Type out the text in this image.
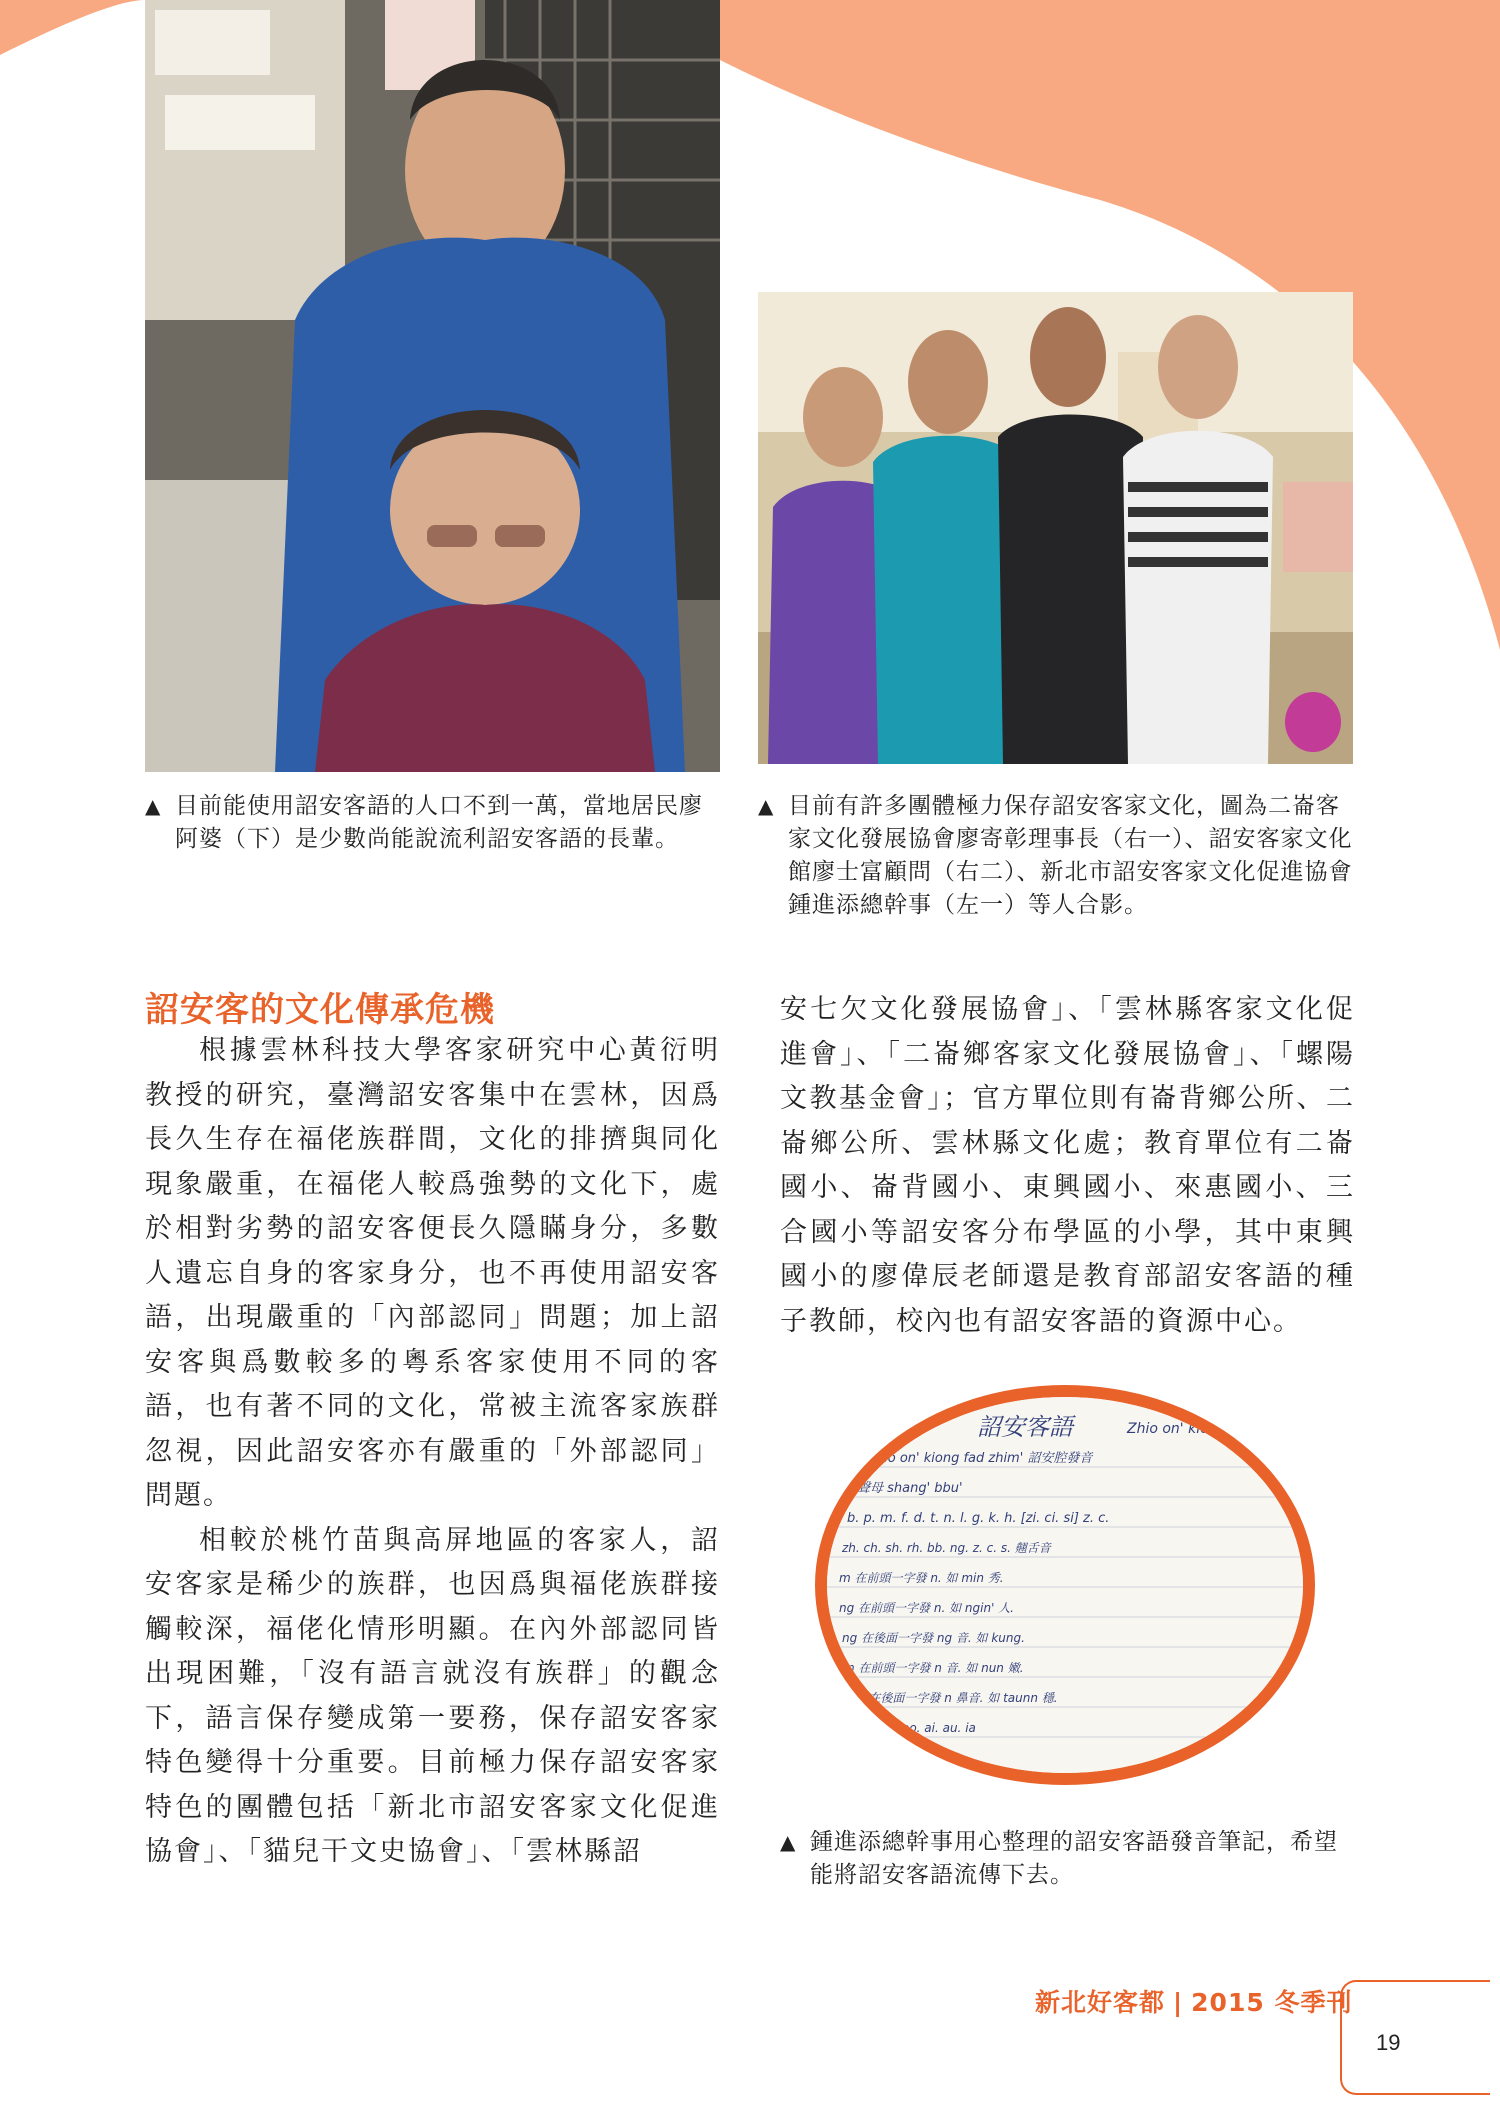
▲ 目前能使用詔安客語的人口不到一萬，當地居民廖阿婆（下）是少數尚能說流利詔安客語的長輩。
▲ 目前有許多團體極力保存詔安客家文化，圖為二崙客家文化發展協會廖寄彰理事長（右一）、詔安客家文化館廖士富顧問（右二）、新北市詔安客家文化促進協會鍾進添總幹事（左一）等人合影。
詔安客的文化傳承危機

根據雲林科技大學客家研究中心黃衍明教授的研究，臺灣詔安客集中在雲林，因爲長久生存在福佬族群間，文化的排擠與同化現象嚴重，在福佬人較爲強勢的文化下，處於相對劣勢的詔安客便長久隱瞞身分，多數人遺忘自身的客家身分，也不再使用詔安客語，出現嚴重的「內部認同」問題；加上詔安客與爲數較多的粵系客家使用不同的客語，也有著不同的文化，常被主流客家族群忽視，因此詔安客亦有嚴重的「外部認同」問題。

相較於桃竹苗與高屏地區的客家人，詔安客家是稀少的族群，也因爲與福佬族群接觸較深，福佬化情形明顯。在內外部認同皆出現困難，「沒有語言就沒有族群」的觀念下，語言保存變成第一要務，保存詔安客家特色變得十分重要。目前極力保存詔安客家特色的團體包括「新北市詔安客家文化促進協會」、「貓兒干文史協會」、「雲林縣詔

安七欠文化發展協會」、「雲林縣客家文化促進會」、「二崙鄉客家文化發展協會」、「螺陽文教基金會」；官方單位則有崙背鄉公所、二崙鄉公所、雲林縣文化處；教育單位有二崙國小、崙背國小、東興國小、來惠國小、三合國小等詔安客分布學區的小學，其中東興國小的廖偉辰老師還是教育部詔安客語的種子教師，校內也有詔安客語的資源中心。

詔安客語	Zhio on' kiong
Zhio on' kiong fad zhim' 詔安腔發音
聲母 shang' bbu'
b. p. m. f. d. t. n. l. g. k. h. [zi. ci. si] z. c.
zh. ch. sh. rh. bb. ng. z. c. s. 翹舌音
m 在前頭一字發 n. 如 min 秀.
ng 在前頭一字發 n. 如 ngin' 人.
ng 在後面一字發 ng 音. 如 kung.
n 在前頭一字發 n 音. 如 nun 嫩.
n 在後面一字發 n 鼻音. 如 taunn 穩.
o. oo. ai. au. ia
▲ 鍾進添總幹事用心整理的詔安客語發音筆記，希望能將詔安客語流傳下去。
新北好客都 | 2015 冬季刊
19
